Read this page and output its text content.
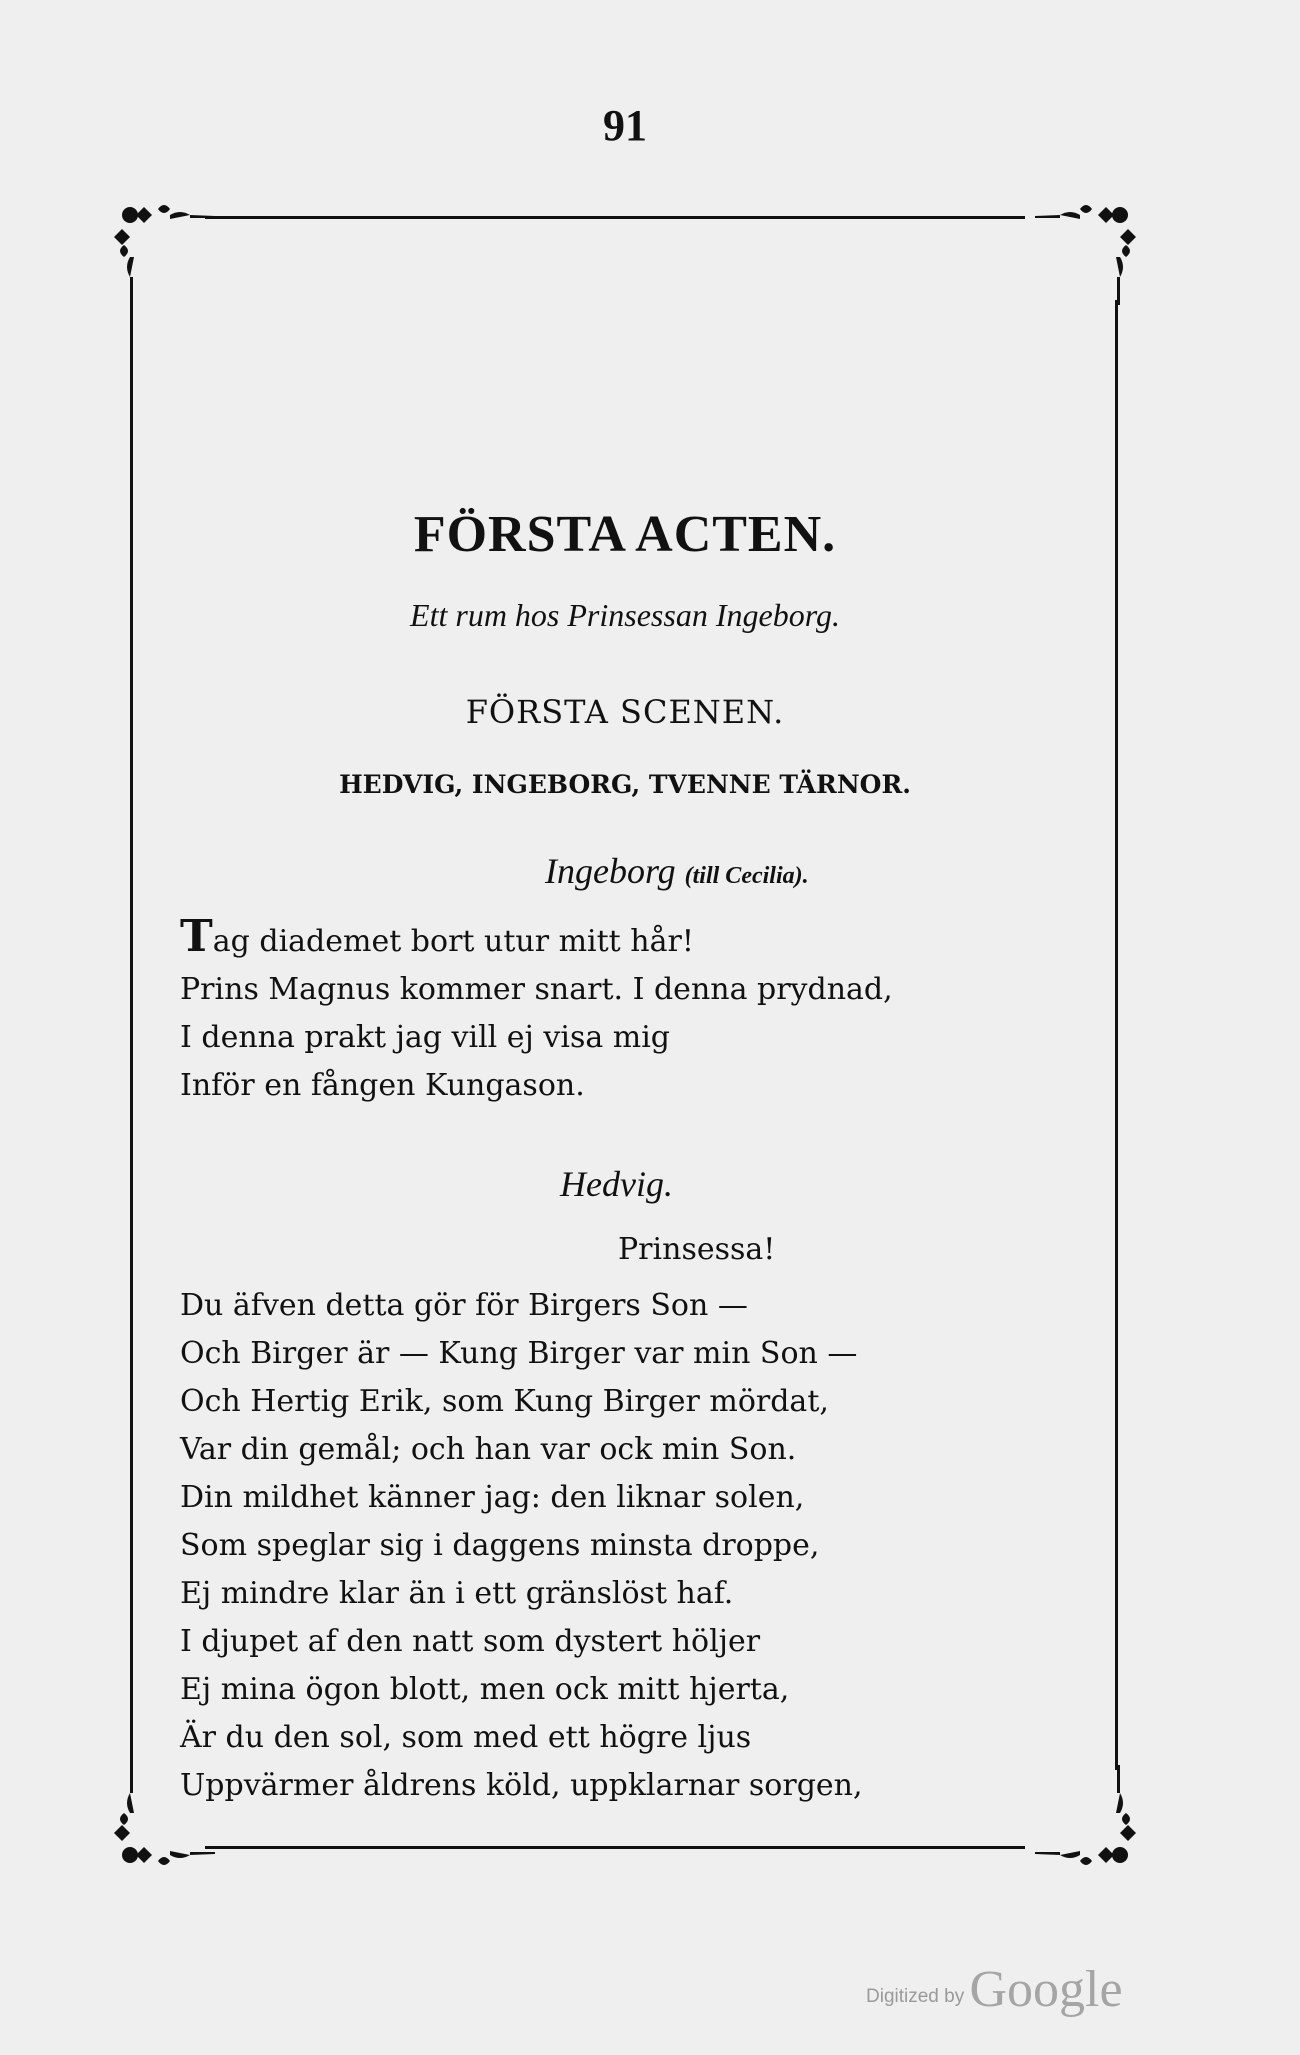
91
FÖRSTA ACTEN.
Ett rum hos Prinsessan Ingeborg.
FÖRSTA SCENEN.
HEDVIG, INGEBORG, TVENNE TÄRNOR.
Ingeborg (till Cecilia).
Tag diademet bort utur mitt hår!
Prins Magnus kommer snart. I denna prydnad,
I denna prakt jag vill ej visa mig
Inför en fången Kungason.
Hedvig.
Prinsessa!
Du äfven detta gör för Birgers Son —
Och Birger är — Kung Birger var min Son —
Och Hertig Erik, som Kung Birger mördat,
Var din gemål; och han var ock min Son.
Din mildhet känner jag: den liknar solen,
Som speglar sig i daggens minsta droppe,
Ej mindre klar än i ett gränslöst haf.
I djupet af den natt som dystert höljer
Ej mina ögon blott, men ock mitt hjerta,
Är du den sol, som med ett högre ljus
Uppvärmer åldrens köld, uppklarnar sorgen,
Digitized by Google
